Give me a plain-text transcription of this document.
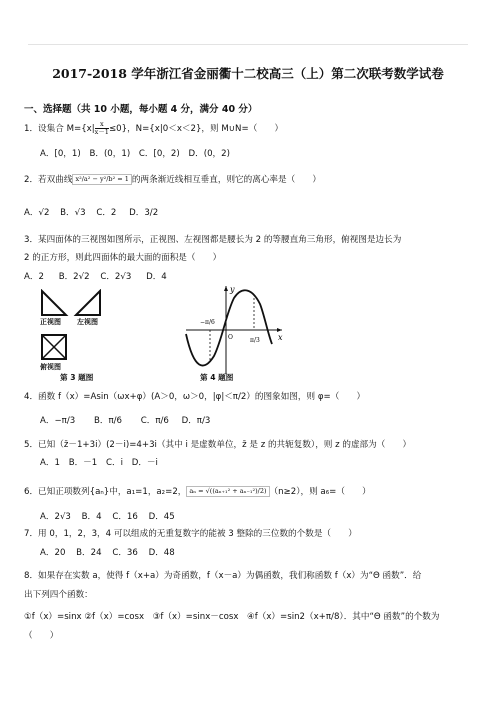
2017-2018 学年浙江省金丽衢十二校高三（上）第二次联考数学试卷
一、选择题（共 10 小题，每小题 4 分，满分 40 分）
1．设集合 $M=\{x| \frac{x}{x-1} \le 0\}$，N={x|0＜x＜2}，则 M∪N=（　　）
A．[0，1) B．(0，1) C．[0，2) D．(0，2)
2．若双曲线 x²/a² − y²/b² = 1 的两条渐近线相互垂直，则它的离心率是（　　）
A．√2 B．√3 C．2 D．3/2
3．某四面体的三视图如图所示，正视图、左视图都是腰长为 2 的等腰直角三角形，俯视图是边长为
2 的正方形，则此四面体的最大面的面积是（　　）
A．2 B．2√2 C．2√3 D．4
正视图 左视图
俯视图
第 3 题图
y
x
O
−π/6
π/3
第 4 题图
4．函数 f（x）=Asin（ωx+φ）(A＞0，ω＞0，|φ|＜π/2）的图象如图，则 φ=（　　）
A．−π/3 B．π/6 C．π/6 D．π/3
5．已知（z̄－1+3i）(2－i)=4+3i（其中 i 是虚数单位，z̄ 是 z 的共轭复数），则 z 的虚部为（　　）
A．1 B．－1 C．i D．－i
6．已知正项数列{aₙ}中，a₁=1，a₂=2， aₙ = √((aₙ₊₁² + aₙ₋₁²)/2) （n≥2），则 a₆=（　　）
A．2√3 B．4 C．16 D．45
7．用 0，1，2，3，4 可以组成的无重复数字的能被 3 整除的三位数的个数是（　　）
A．20 B．24 C．36 D．48
8．如果存在实数 a，使得 f（x+a）为奇函数，f（x－a）为偶函数，我们称函数 f（x）为“Θ 函数”．给
出下列四个函数：
①f（x）=sinx ②f（x）=cosx　③f（x）=sinx－cosx　④f（x）=sin2（x+π/8）．其中“Θ 函数”的个数为
（　　）
